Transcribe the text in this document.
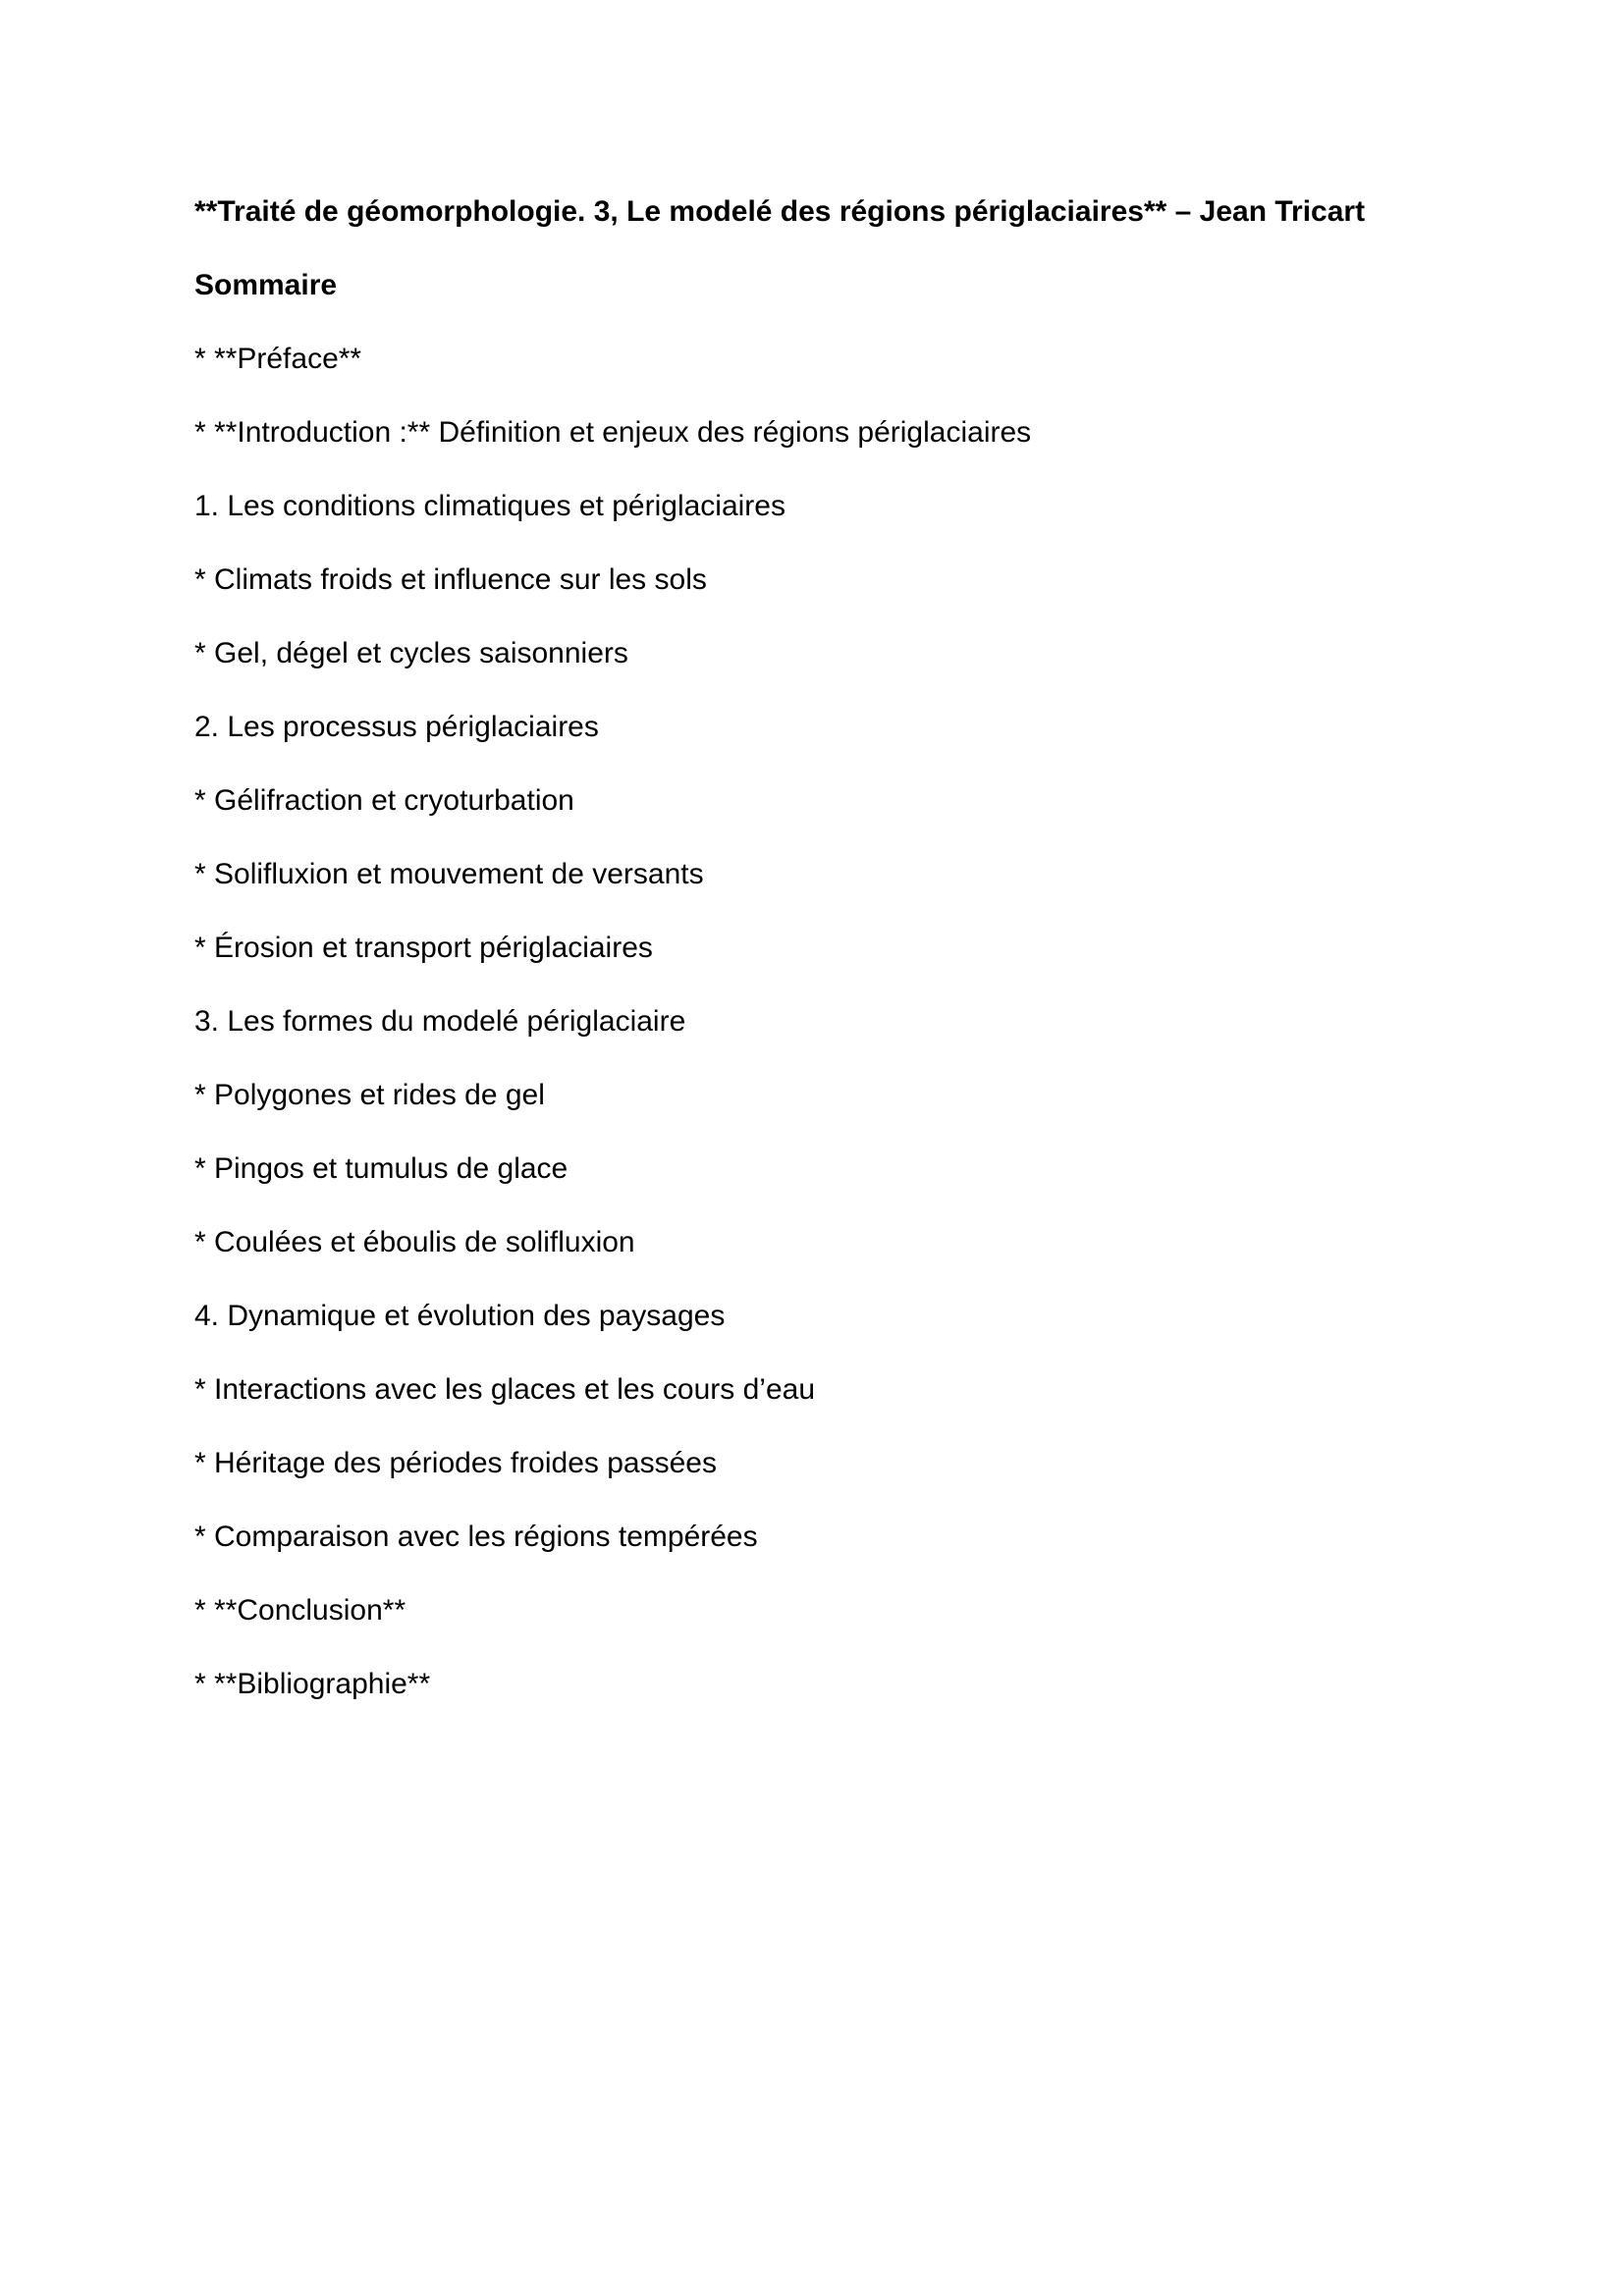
**Traité de géomorphologie. 3, Le modelé des régions périglaciaires** – Jean Tricart
Sommaire
* **Préface**
* **Introduction :** Définition et enjeux des régions périglaciaires
1. Les conditions climatiques et périglaciaires
* Climats froids et influence sur les sols
* Gel, dégel et cycles saisonniers
2. Les processus périglaciaires
* Gélifraction et cryoturbation
* Solifluxion et mouvement de versants
* Érosion et transport périglaciaires
3. Les formes du modelé périglaciaire
* Polygones et rides de gel
* Pingos et tumulus de glace
* Coulées et éboulis de solifluxion
4. Dynamique et évolution des paysages
* Interactions avec les glaces et les cours d’eau
* Héritage des périodes froides passées
* Comparaison avec les régions tempérées
* **Conclusion**
* **Bibliographie**
